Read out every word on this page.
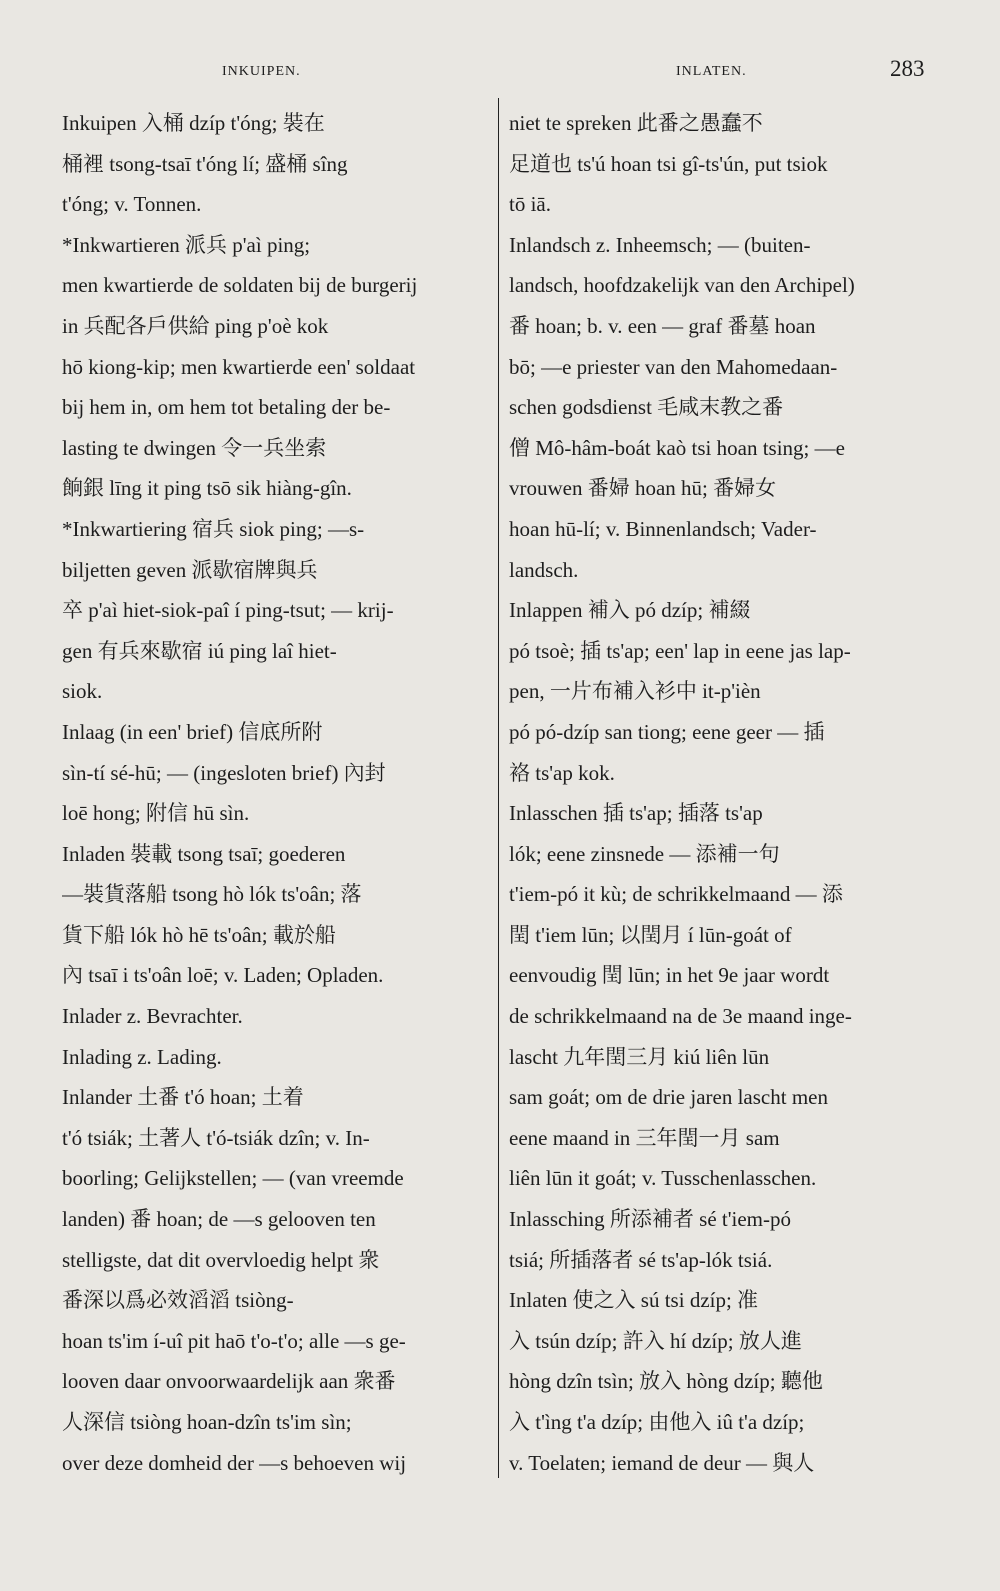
INKUIPEN.	INLATEN.	283
Inkuipen 入桶 dzíp t'óng; 裝在
桶裡 tsong-tsaī t'óng lí; 盛桶 sîng
t'óng; v. Tonnen.
*Inkwartieren 派兵 p'aì ping;
men kwartierde de soldaten bij de burgerij
in 兵配各戶供給 ping p'oè kok
hō kiong-kip; men kwartierde een' soldaat
bij hem in, om hem tot betaling der be-
lasting te dwingen 令一兵坐索
餉銀 līng it ping tsō sik hiàng-gîn.
*Inkwartiering 宿兵 siok ping; —s-
biljetten geven 派歇宿牌與兵
卒 p'aì hiet-siok-paî í ping-tsut; — krij-
gen 有兵來歇宿 iú ping laî hiet-
siok.
Inlaag (in een' brief) 信底所附
sìn-tí sé-hū; — (ingesloten brief) 內封
loē hong; 附信 hū sìn.
Inladen 裝載 tsong tsaī; goederen
—裝貨落船 tsong hò lók ts'oân; 落
貨下船 lók hò hē ts'oân; 載於船
內 tsaī i ts'oân loē; v. Laden; Opladen.
Inlader z. Bevrachter.
Inlading z. Lading.
Inlander 土番 t'ó hoan; 土着
t'ó tsiák; 土著人 t'ó-tsiák dzîn; v. In-
boorling; Gelijkstellen; — (van vreemde
landen) 番 hoan; de —s gelooven ten
stelligste, dat dit overvloedig helpt 衆
番深以爲必效滔滔 tsiòng-
hoan ts'im í-uî pit haō t'o-t'o; alle —s ge-
looven daar onvoorwaardelijk aan 衆番
人深信 tsiòng hoan-dzîn ts'im sìn;
over deze domheid der —s behoeven wij
niet te spreken 此番之愚蠢不
足道也 ts'ú hoan tsi gî-ts'ún, put tsiok
tō iā.
Inlandsch z. Inheemsch; — (buiten-
landsch, hoofdzakelijk van den Archipel)
番 hoan; b. v. een — graf 番墓 hoan
bō; —e priester van den Mahomedaan-
schen godsdienst 毛咸末教之番
僧 Mô-hâm-boát kaò tsi hoan tsing; —e
vrouwen 番婦 hoan hū; 番婦女
hoan hū-lí; v. Binnenlandsch; Vader-
landsch.
Inlappen 補入 pó dzíp; 補綴
pó tsoè; 插 ts'ap; een' lap in eene jas lap-
pen, 一片布補入衫中 it-p'ièn
pó pó-dzíp san tiong; eene geer — 插
袼 ts'ap kok.
Inlasschen 插 ts'ap; 插落 ts'ap
lók; eene zinsnede — 添補一句
t'iem-pó it kù; de schrikkelmaand — 添
閏 t'iem lūn; 以閏月 í lūn-goát of
eenvoudig 閏 lūn; in het 9e jaar wordt
de schrikkelmaand na de 3e maand inge-
lascht 九年閏三月 kiú liên lūn
sam goát; om de drie jaren lascht men
eene maand in 三年閏一月 sam
liên lūn it goát; v. Tusschenlasschen.
Inlassching 所添補者 sé t'iem-pó
tsiá; 所插落者 sé ts'ap-lók tsiá.
Inlaten 使之入 sú tsi dzíp; 准
入 tsún dzíp; 許入 hí dzíp; 放人進
hòng dzîn tsìn; 放入 hòng dzíp; 聽他
入 t'ìng t'a dzíp; 由他入 iû t'a dzíp;
v. Toelaten; iemand de deur — 與人
